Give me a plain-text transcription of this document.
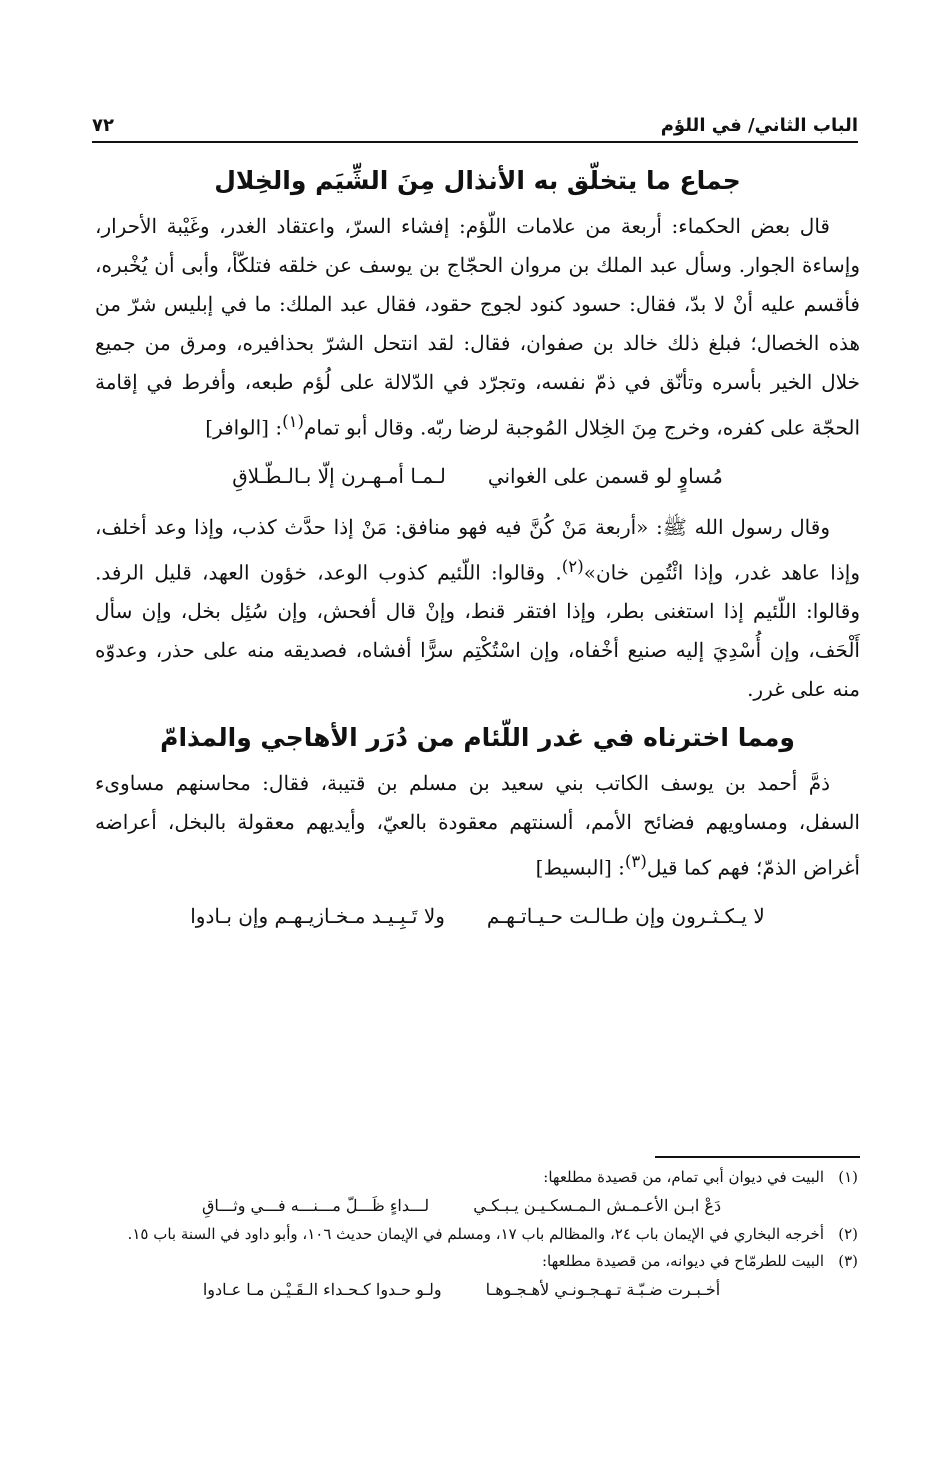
الباب الثاني/ في اللؤم
٧٢
جماع ما يتخلّق به الأنذال مِنَ الشِّيَم والخِلال

قال بعض الحكماء: أربعة من علامات اللّؤم: إفشاء السرّ، واعتقاد الغدر، وغَيْبة الأحرار، وإساءة الجوار. وسأل عبد الملك بن مروان الحجّاج بن يوسف عن خلقه فتلكّأ، وأبى أن يُخْبره، فأقسم عليه أنْ لا بدّ، فقال: حسود كنود لجوج حقود، فقال عبد الملك: ما في إبليس شرّ من هذه الخصال؛ فبلغ ذلك خالد بن صفوان، فقال: لقد انتحل الشرّ بحذافيره، ومرق من جميع خلال الخير بأسره وتأنّق في ذمّ نفسه، وتجرّد في الدّلالة على لُؤم طبعه، وأفرط في إقامة الحجّة على كفره، وخرج مِنَ الخِلال المُوجبة لرضا ربّه. وقال أبو تمام$^{(١)}$: [الوافر]

مُساوٍ لو قسمن على الغواني
لـمـا أمـهـرن إلّا بـالـطّـلاقِ

وقال رسول الله ﷺ: «أربعة مَنْ كُنَّ فيه فهو منافق: مَنْ إذا حدَّث كذب، وإذا وعد أخلف، وإذا عاهد غدر، وإذا ائْتُمِن خان»$^{(٢)}$. وقالوا: اللّئيم كذوب الوعد، خؤون العهد، قليل الرفد. وقالوا: اللّئيم إذا استغنى بطر، وإذا افتقر قنط، وإنْ قال أفحش، وإن سُئِل بخل، وإن سأل أَلْحَف، وإن أُسْدِيَ إليه صنيع أخْفاه، وإن اسْتُكْتِم سرًّا أفشاه، فصديقه منه على حذر، وعدوّه منه على غرر.

ومما اخترناه في غدر اللّئام من دُرَر الأهاجي والمذامّ

ذمَّ أحمد بن يوسف الكاتب بني سعيد بن مسلم بن قتيبة، فقال: محاسنهم مساوىء السفل، ومساويهم فضائح الأمم، ألسنتهم معقودة بالعيّ، وأيديهم معقولة بالبخل، أعراضه أغراض الذمّ؛ فهم كما قيل$^{(٣)}$: [البسيط]

لا يـكـثـرون وإن طـالـت حـيـاتـهـم
ولا تَـبِـيـد مـخـازيـهـم وإن بـادوا
(١)
البيت في ديوان أبي تمام، من قصيدة مطلعها:
دَعْ ابـن الأعـمـش الـمـسكـيـن يـبـكـي
لـــداءٍ ظَـــلّ مـــنـــه فـــي وثـــاقِ
(٢)
أخرجه البخاري في الإيمان باب ٢٤، والمظالم باب ١٧، ومسلم في الإيمان حديث ١٠٦، وأبو داود في السنة باب ١٥.
(٣)
البيت للطرمّاح في ديوانه، من قصيدة مطلعها:
أخـبـرت ضـبّـة تـهـجـونـي لأهـجـوهـا
ولـو حـدوا كـحـداء الـقَـيْـن مـا عـادوا
